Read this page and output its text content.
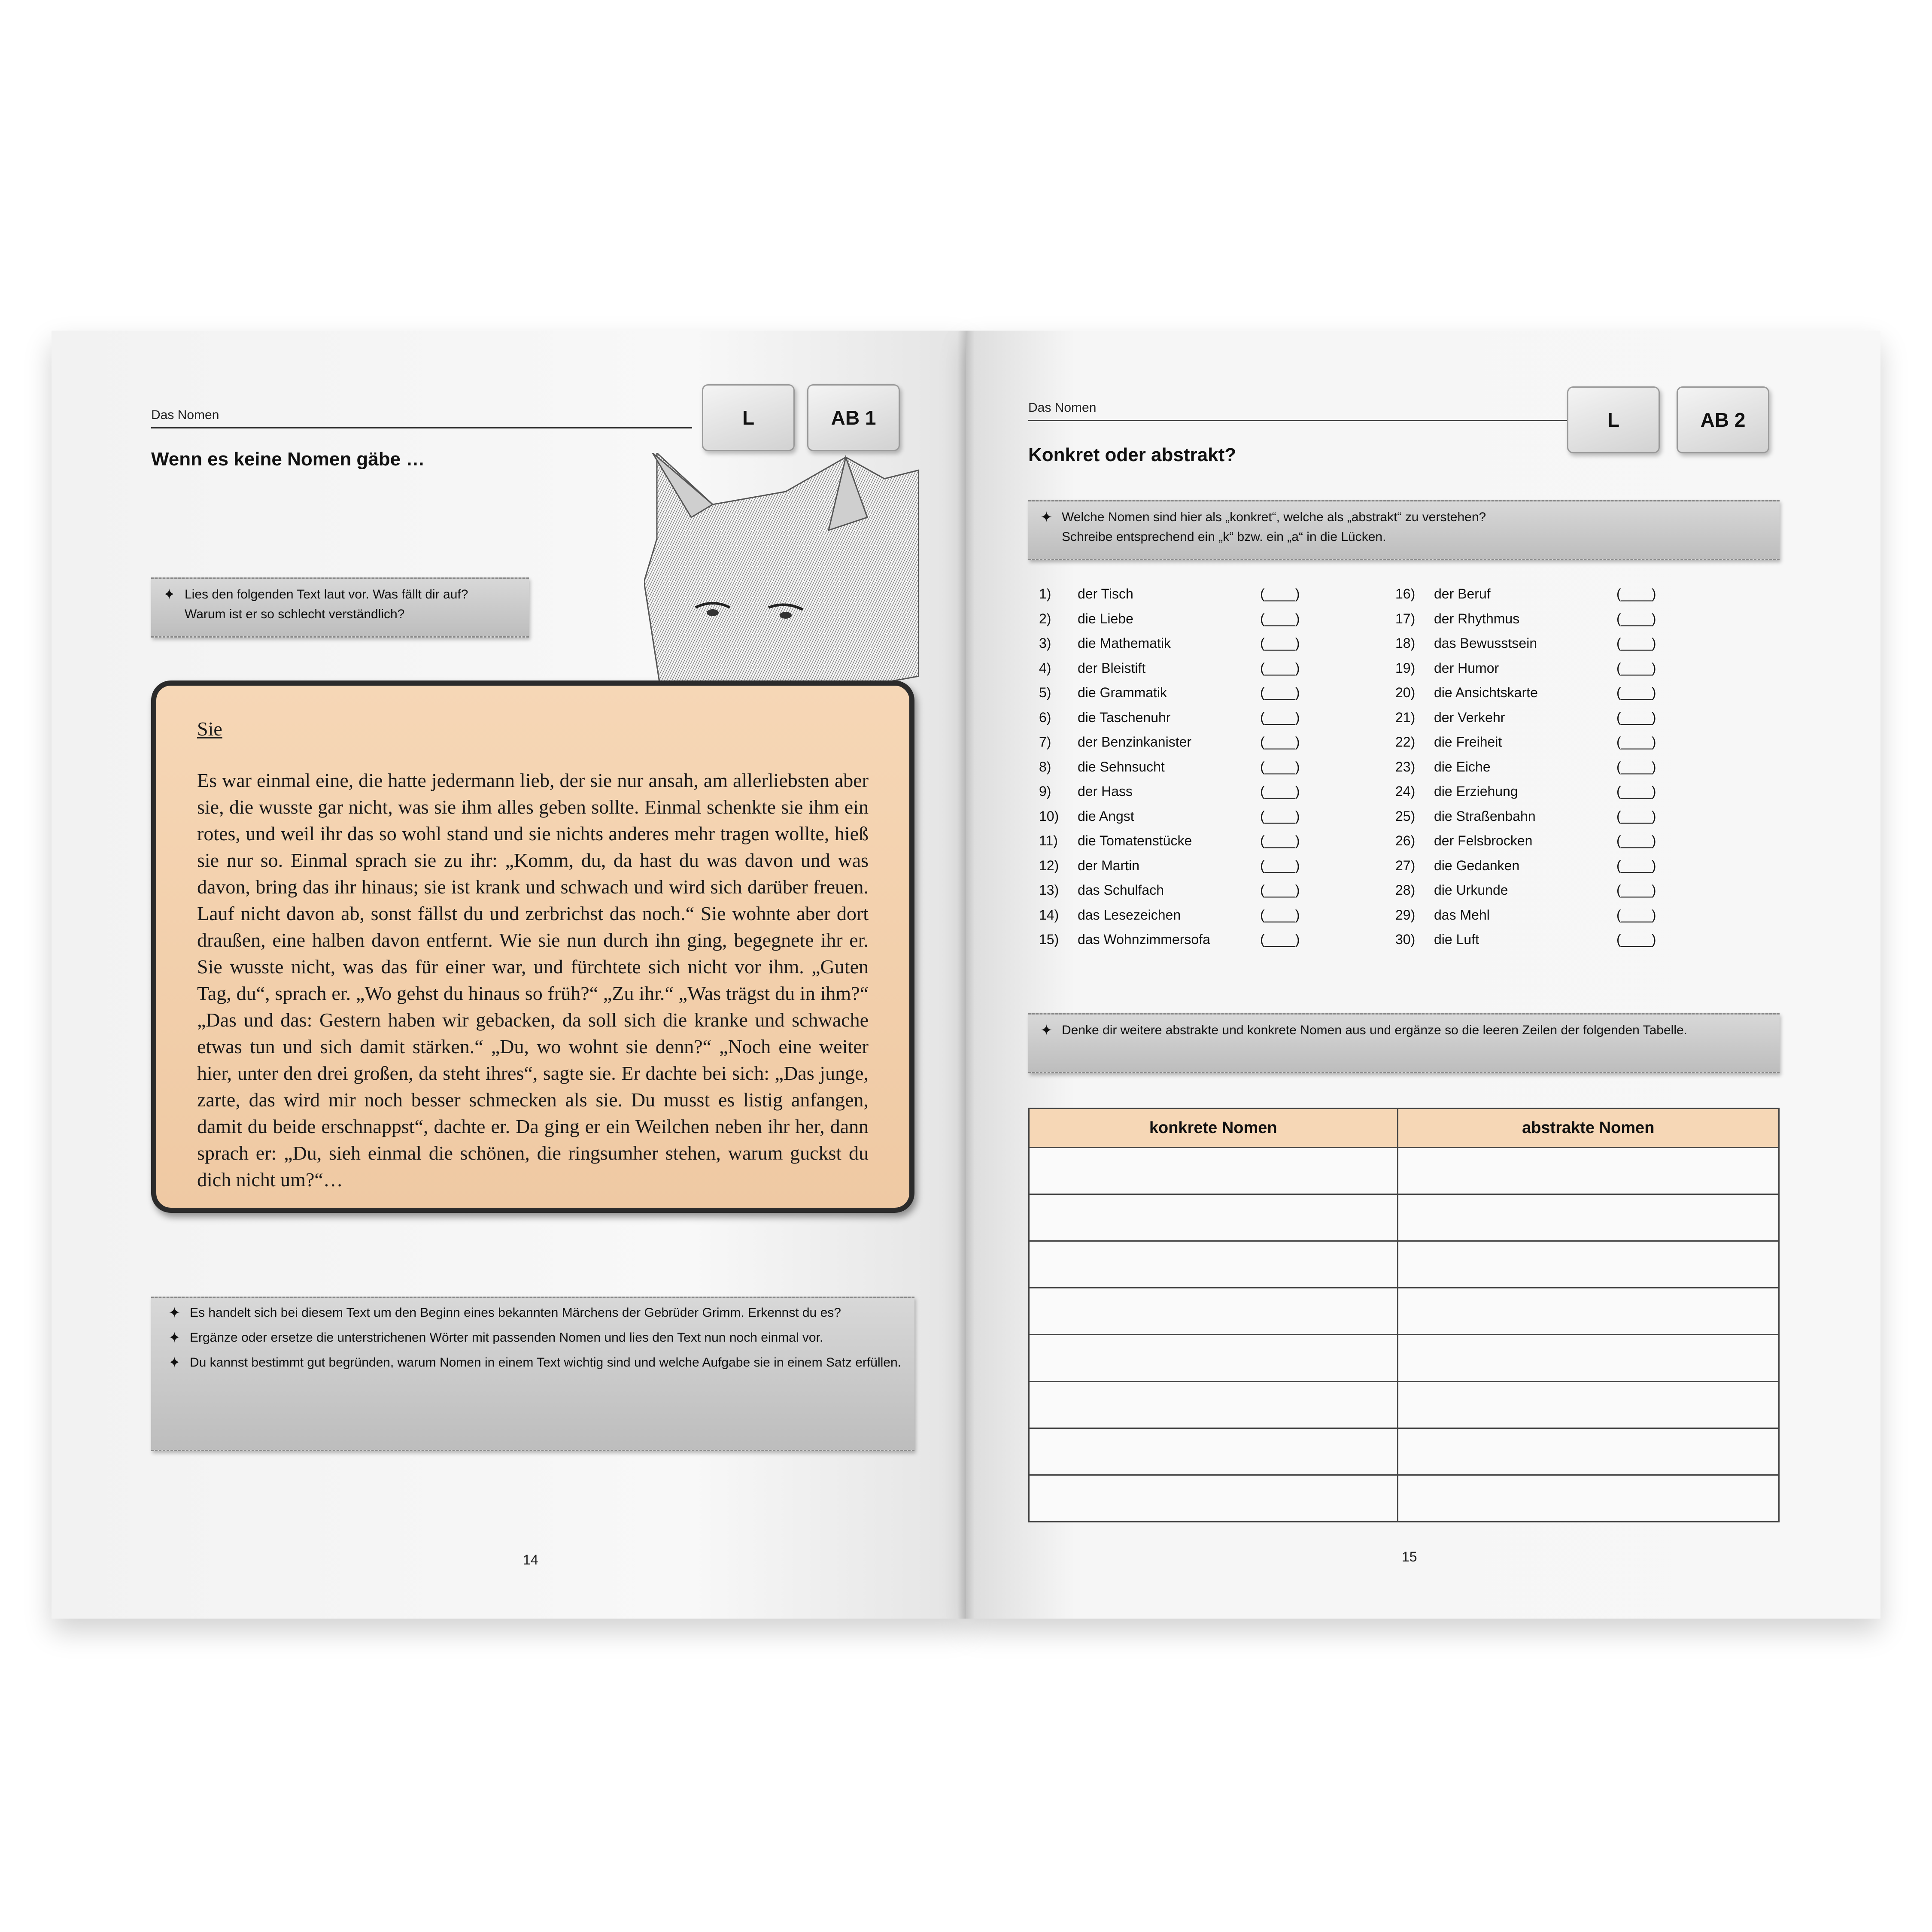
Das Nomen	L	AB 1
Wenn es keine Nomen gäbe …
✦ Lies den folgenden Text laut vor. Was fällt dir auf?

Warum ist er so schlecht verständlich?

Sie
Es war einmal eine, die hatte jedermann lieb, der sie nur ansah, am allerliebsten aber sie, die wusste gar nicht, was sie ihm alles geben sollte. Einmal schenkte sie ihm ein rotes, und weil ihr das so wohl stand und sie nichts anderes mehr tragen wollte, hieß sie nur so. Einmal sprach sie zu ihr: „Komm, du, da hast du was davon und was davon, bring das ihr hinaus; sie ist krank und schwach und wird sich darüber freuen. Lauf nicht davon ab, sonst fällst du und zerbrichst das noch.“ Sie wohnte aber dort draußen, eine halben davon entfernt. Wie sie nun durch ihn ging, begegnete ihr er. Sie wusste nicht, was das für einer war, und fürchtete sich nicht vor ihm. „Guten Tag, du“, sprach er. „Wo gehst du hinaus so früh?“ „Zu ihr.“ „Was trägst du in ihm?“ „Das und das: Gestern haben wir gebacken, da soll sich die kranke und schwache etwas tun und sich damit stärken.“ „Du, wo wohnt sie denn?“ „Noch eine weiter hier, unter den drei großen, da steht ihres“, sagte sie. Er dachte bei sich: „Das junge, zarte, das wird mir noch besser schmecken als sie. Du musst es listig anfangen, damit du beide erschnappst“, dachte er. Da ging er ein Weilchen neben ihr her, dann sprach er: „Du, sieh einmal die schönen, die ringsumher stehen, warum guckst du dich nicht um?“…
✦ Es handelt sich bei diesem Text um den Beginn eines bekannten Märchens der Gebrüder Grimm. Erkennst du es?
✦ Ergänze oder ersetze die unterstrichenen Wörter mit passenden Nomen und lies den Text nun noch einmal vor.
✦ Du kannst bestimmt gut begründen, warum Nomen in einem Text wichtig sind und welche Aufgabe sie in einem Satz erfüllen.
14
Das Nomen
L	AB 2
Konkret oder abstrakt?
✦ Welche Nomen sind hier als „konkret“, welche als „abstrakt“ zu verstehen?

Schreibe entsprechend ein „k“ bzw. ein „a“ in die Lücken.

1)	der Tisch	(____)
2)	die Liebe	(____)
3)	die Mathematik	(____)
4)	der Bleistift	(____)
5)	die Grammatik	(____)
6)	die Taschenuhr	(____)
7)	der Benzinkanister	(____)
8)	die Sehnsucht	(____)
9)	der Hass	(____)
10)	die Angst	(____)
11)	die Tomatenstücke	(____)
12)	der Martin	(____)
13)	das Schulfach	(____)
14)	das Lesezeichen	(____)
15)	das Wohnzimmersofa	(____)
16)	der Beruf	(____)
17)	der Rhythmus	(____)
18)	das Bewusstsein	(____)
19)	der Humor	(____)
20)	die Ansichtskarte	(____)
21)	der Verkehr	(____)
22)	die Freiheit	(____)
23)	die Eiche	(____)
24)	die Erziehung	(____)
25)	die Straßenbahn	(____)
26)	der Felsbrocken	(____)
27)	die Gedanken	(____)
28)	die Urkunde	(____)
29)	das Mehl	(____)
30)	die Luft	(____)
✦ Denke dir weitere abstrakte und konkrete Nomen aus und ergänze so die leeren Zeilen der folgenden Tabelle.

konkrete Nomen	abstrakte Nomen

15
